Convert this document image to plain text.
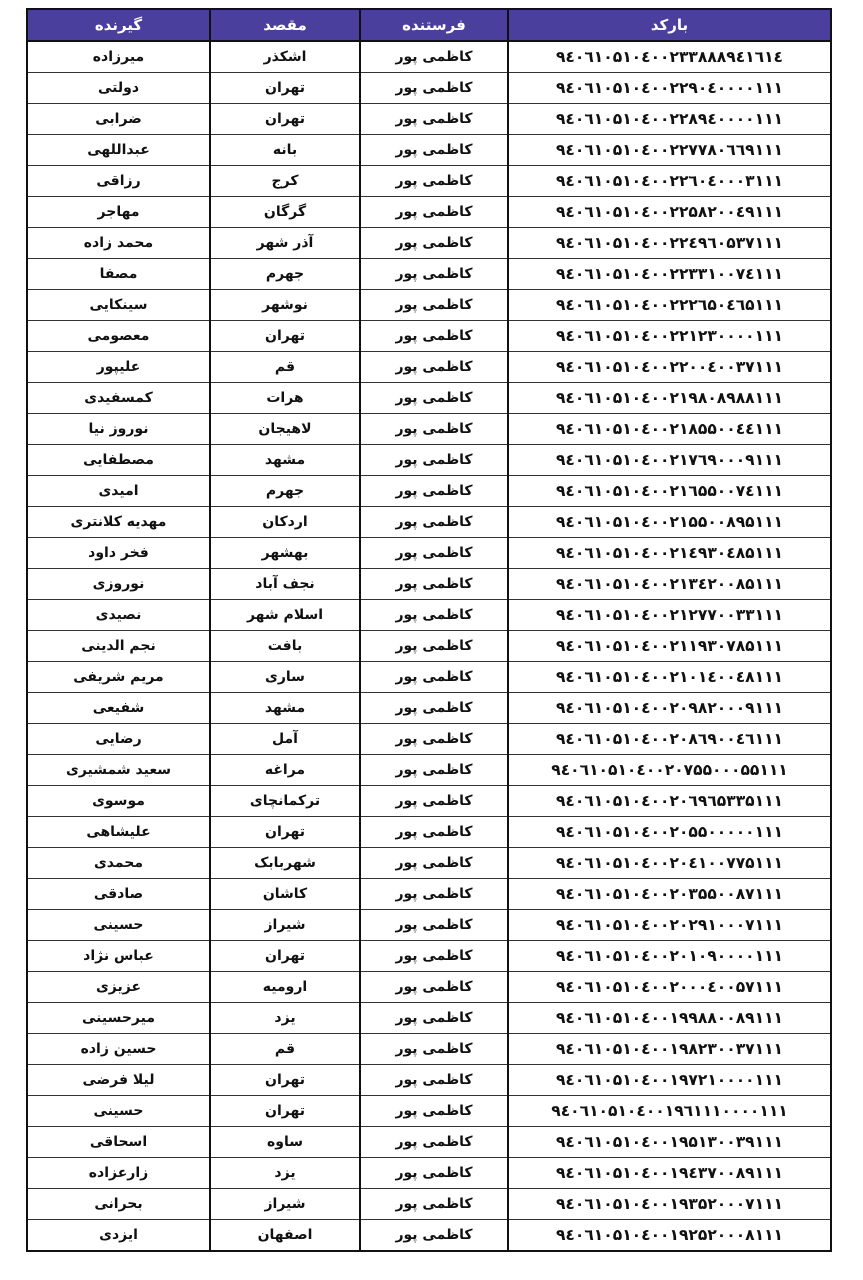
گیرنده	مقصد	فرستنده	بارکد
میرزاده	اشکذر	کاظمی پور	۹٤۰٦۱۰۵۱۰٤۰۰۲۳۳۸۸۸۹٤۱٦۱٤
دولتی	تهران	کاظمی پور	۹٤۰٦۱۰۵۱۰٤۰۰۲۲۹۰٤۰۰۰۰۱۱۱
ضرابی	تهران	کاظمی پور	۹٤۰٦۱۰۵۱۰٤۰۰۲۲۸۹٤۰۰۰۰۱۱۱
عبداللهی	بانه	کاظمی پور	۹٤۰٦۱۰۵۱۰٤۰۰۲۲۷۷۸۰٦٦۹۱۱۱
رزاقی	کرج	کاظمی پور	۹٤۰٦۱۰۵۱۰٤۰۰۲۲٦۰٤۰۰۰۳۱۱۱
مهاجر	گرگان	کاظمی پور	۹٤۰٦۱۰۵۱۰٤۰۰۲۲۵۸۲۰۰٤۹۱۱۱
محمد زاده	آذر شهر	کاظمی پور	۹٤۰٦۱۰۵۱۰٤۰۰۲۲٤۹٦۰۵۳۷۱۱۱
مصفا	جهرم	کاظمی پور	۹٤۰٦۱۰۵۱۰٤۰۰۲۲۳۳۱۰۰۷٤۱۱۱
سینکایی	نوشهر	کاظمی پور	۹٤۰٦۱۰۵۱۰٤۰۰۲۲۲٦۵۰٤٦۵۱۱۱
معصومی	تهران	کاظمی پور	۹٤۰٦۱۰۵۱۰٤۰۰۲۲۱۲۳۰۰۰۰۱۱۱
علیپور	قم	کاظمی پور	۹٤۰٦۱۰۵۱۰٤۰۰۲۲۰۰٤۰۰۳۷۱۱۱
کمسفیدی	هرات	کاظمی پور	۹٤۰٦۱۰۵۱۰٤۰۰۲۱۹۸۰۸۹۸۸۱۱۱
نوروز نیا	لاهیجان	کاظمی پور	۹٤۰٦۱۰۵۱۰٤۰۰۲۱۸۵۵۰۰٤٤۱۱۱
مصطفایی	مشهد	کاظمی پور	۹٤۰٦۱۰۵۱۰٤۰۰۲۱۷٦۹۰۰۰۹۱۱۱
امیدی	جهرم	کاظمی پور	۹٤۰٦۱۰۵۱۰٤۰۰۲۱٦۵۵۰۰۷٤۱۱۱
مهدیه کلانتری	اردکان	کاظمی پور	۹٤۰٦۱۰۵۱۰٤۰۰۲۱۵۵۰۰۸۹۵۱۱۱
فخر داود	بهشهر	کاظمی پور	۹٤۰٦۱۰۵۱۰٤۰۰۲۱٤۹۳۰٤۸۵۱۱۱
نوروزی	نجف آباد	کاظمی پور	۹٤۰٦۱۰۵۱۰٤۰۰۲۱۳٤۲۰۰۸۵۱۱۱
نصیدی	اسلام شهر	کاظمی پور	۹٤۰٦۱۰۵۱۰٤۰۰۲۱۲۷۷۰۰۳۳۱۱۱
نجم الدینی	بافت	کاظمی پور	۹٤۰٦۱۰۵۱۰٤۰۰۲۱۱۹۳۰۷۸۵۱۱۱
مریم شریفی	ساری	کاظمی پور	۹٤۰٦۱۰۵۱۰٤۰۰۲۱۰۱٤۰۰٤۸۱۱۱
شفیعی	مشهد	کاظمی پور	۹٤۰٦۱۰۵۱۰٤۰۰۲۰۹۸۲۰۰۰۹۱۱۱
رضایی	آمل	کاظمی پور	۹٤۰٦۱۰۵۱۰٤۰۰۲۰۸٦۹۰۰٤٦۱۱۱
سعید شمشیری	مراغه	کاظمی پور	۹٤۰٦۱۰۵۱۰٤۰۰۲۰۷۵۵۰۰۰۵۵۱۱۱
موسوی	ترکمانچای	کاظمی پور	۹٤۰٦۱۰۵۱۰٤۰۰۲۰٦۹٦۵۳۳۵۱۱۱
علیشاهی	تهران	کاظمی پور	۹٤۰٦۱۰۵۱۰٤۰۰۲۰۵۵۰۰۰۰۰۱۱۱
محمدی	شهربابک	کاظمی پور	۹٤۰٦۱۰۵۱۰٤۰۰۲۰٤۱۰۰۷۷۵۱۱۱
صادقی	کاشان	کاظمی پور	۹٤۰٦۱۰۵۱۰٤۰۰۲۰۳۵۵۰۰۸۷۱۱۱
حسینی	شیراز	کاظمی پور	۹٤۰٦۱۰۵۱۰٤۰۰۲۰۲۹۱۰۰۰۷۱۱۱
عباس نژاد	تهران	کاظمی پور	۹٤۰٦۱۰۵۱۰٤۰۰۲۰۱۰۹۰۰۰۰۱۱۱
عزیزی	ارومیه	کاظمی پور	۹٤۰٦۱۰۵۱۰٤۰۰۲۰۰۰٤۰۰۵۷۱۱۱
میرحسینی	یزد	کاظمی پور	۹٤۰٦۱۰۵۱۰٤۰۰۱۹۹۸۸۰۰۸۹۱۱۱
حسین زاده	قم	کاظمی پور	۹٤۰٦۱۰۵۱۰٤۰۰۱۹۸۲۳۰۰۳۷۱۱۱
لیلا فرضی	تهران	کاظمی پور	۹٤۰٦۱۰۵۱۰٤۰۰۱۹۷۲۱۰۰۰۰۱۱۱
حسینی	تهران	کاظمی پور	۹٤۰٦۱۰۵۱۰٤۰۰۱۹٦۱۱۱۰۰۰۰۱۱۱
اسحاقی	ساوه	کاظمی پور	۹٤۰٦۱۰۵۱۰٤۰۰۱۹۵۱۳۰۰۳۹۱۱۱
زارعزاده	یزد	کاظمی پور	۹٤۰٦۱۰۵۱۰٤۰۰۱۹٤۳۷۰۰۸۹۱۱۱
بحرانی	شیراز	کاظمی پور	۹٤۰٦۱۰۵۱۰٤۰۰۱۹۳۵۲۰۰۰۷۱۱۱
ایزدی	اصفهان	کاظمی پور	۹٤۰٦۱۰۵۱۰٤۰۰۱۹۲۵۲۰۰۰۸۱۱۱
